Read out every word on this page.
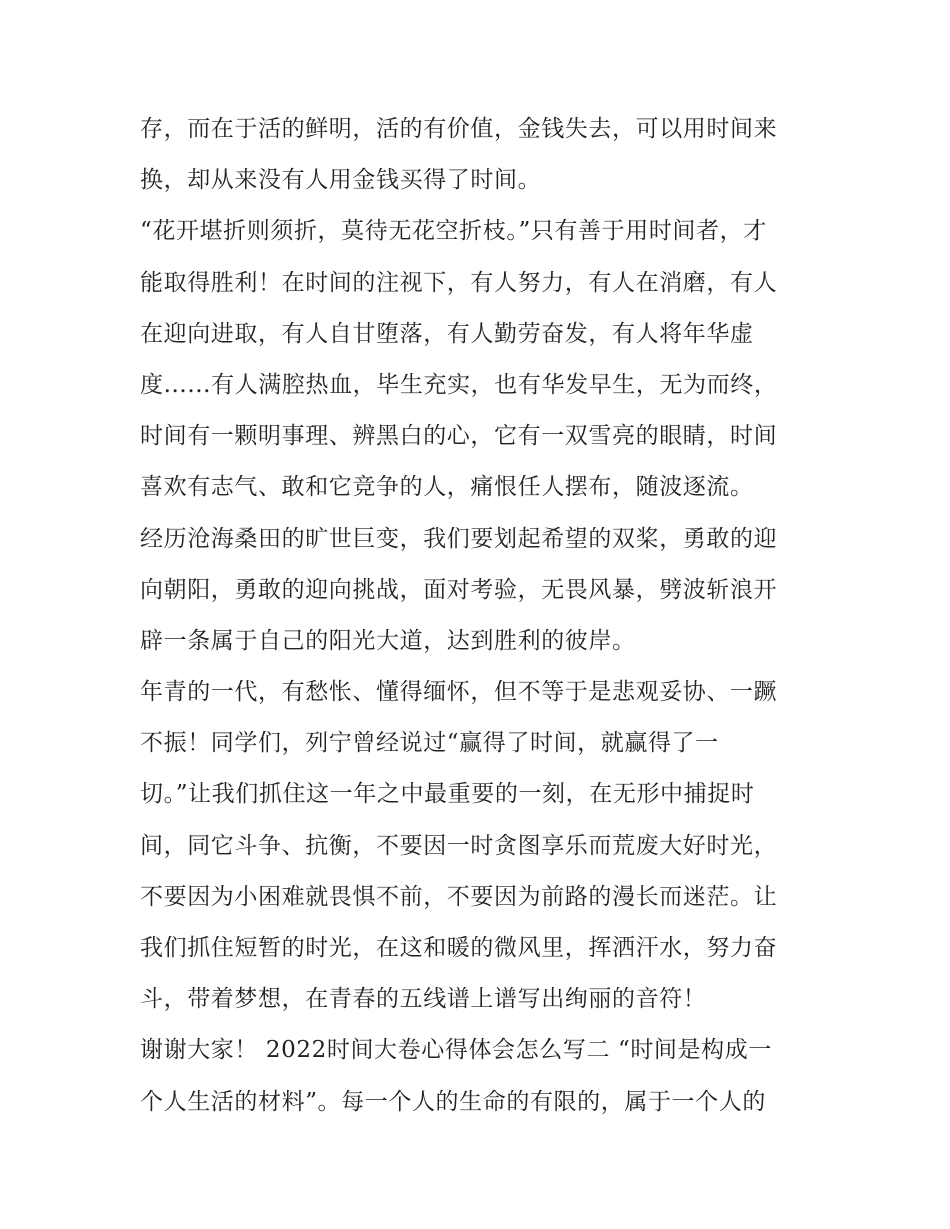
存，而在于活的鲜明，活的有价值，金钱失去，可以用时间来
换，却从来没有人用金钱买得了时间。
“花开堪折则须折，莫待无花空折枝。”只有善于用时间者，才
能取得胜利！在时间的注视下，有人努力，有人在消磨，有人
在迎向进取，有人自甘堕落，有人勤劳奋发，有人将年华虚
度......有人满腔热血，毕生充实，也有华发早生，无为而终，
时间有一颗明事理、辨黑白的心，它有一双雪亮的眼睛，时间
喜欢有志气、敢和它竞争的人，痛恨任人摆布，随波逐流。
经历沧海桑田的旷世巨变，我们要划起希望的双桨，勇敢的迎
向朝阳，勇敢的迎向挑战，面对考验，无畏风暴，劈波斩浪开
辟一条属于自己的阳光大道，达到胜利的彼岸。
年青的一代，有愁怅、懂得缅怀，但不等于是悲观妥协、一蹶
不振！同学们，列宁曾经说过“赢得了时间，就赢得了一
切。”让我们抓住这一年之中最重要的一刻，在无形中捕捉时
间，同它斗争、抗衡，不要因一时贪图享乐而荒废大好时光，
不要因为小困难就畏惧不前，不要因为前路的漫长而迷茫。让
我们抓住短暂的时光，在这和暖的微风里，挥洒汗水，努力奋
斗，带着梦想，在青春的五线谱上谱写出绚丽的音符！
谢谢大家！ 2022时间大卷心得体会怎么写二 “时间是构成一
个人生活的材料”。每一个人的生命的有限的，属于一个人的
